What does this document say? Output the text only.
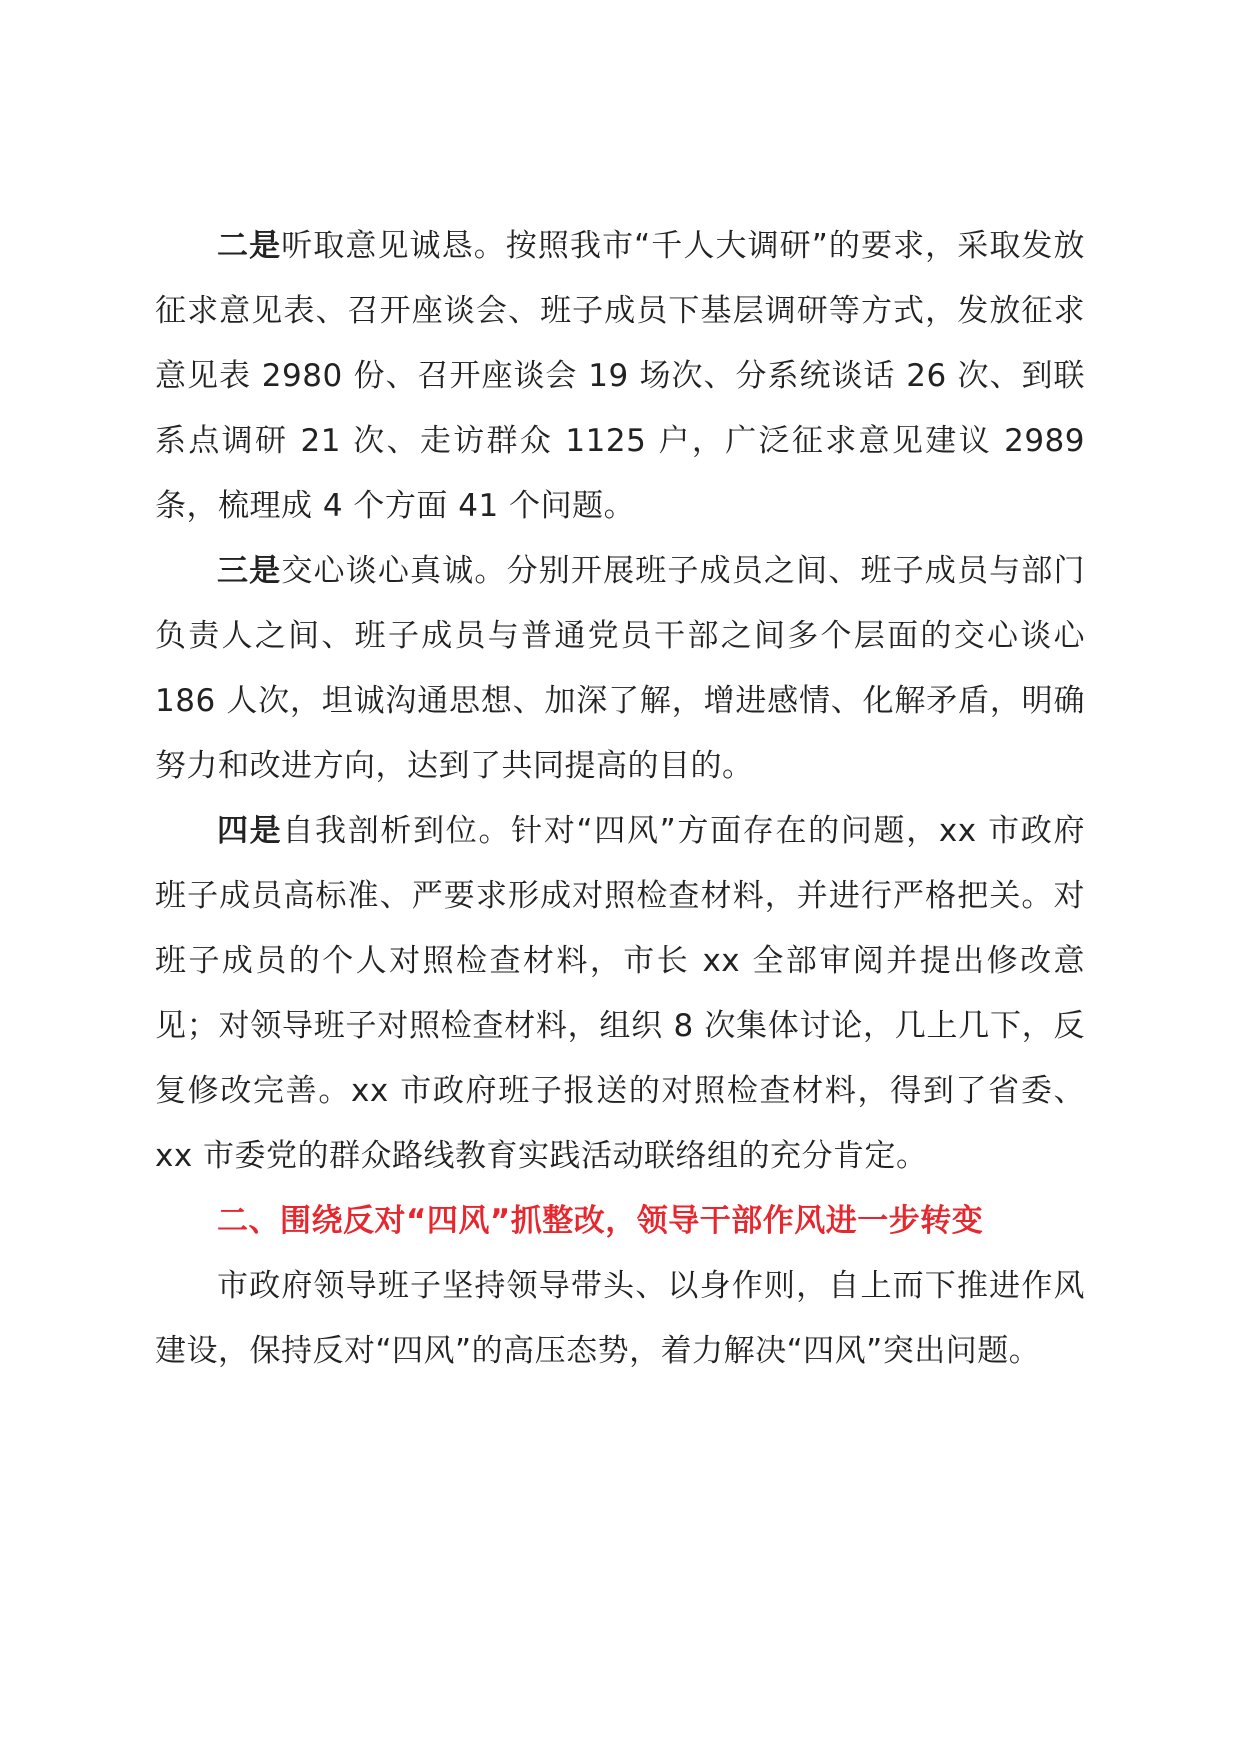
二是听取意见诚恳。按照我市“千人大调研”的要求，采取发放征求意见表、召开座谈会、班子成员下基层调研等方式，发放征求意见表 2980 份、召开座谈会 19 场次、分系统谈话 26 次、到联系点调研 21 次、走访群众 1125 户，广泛征求意见建议 2989 条，梳理成 4 个方面 41 个问题。

三是交心谈心真诚。分别开展班子成员之间、班子成员与部门负责人之间、班子成员与普通党员干部之间多个层面的交心谈心 186 人次，坦诚沟通思想、加深了解，增进感情、化解矛盾，明确努力和改进方向，达到了共同提高的目的。

四是自我剖析到位。针对“四风”方面存在的问题，xx 市政府班子成员高标准、严要求形成对照检查材料，并进行严格把关。对班子成员的个人对照检查材料，市长 xx 全部审阅并提出修改意见；对领导班子对照检查材料，组织 8 次集体讨论，几上几下，反复修改完善。xx 市政府班子报送的对照检查材料，得到了省委、xx 市委党的群众路线教育实践活动联络组的充分肯定。

二、围绕反对“四风”抓整改，领导干部作风进一步转变

市政府领导班子坚持领导带头、以身作则，自上而下推进作风建设，保持反对“四风”的高压态势，着力解决“四风”突出问题。
